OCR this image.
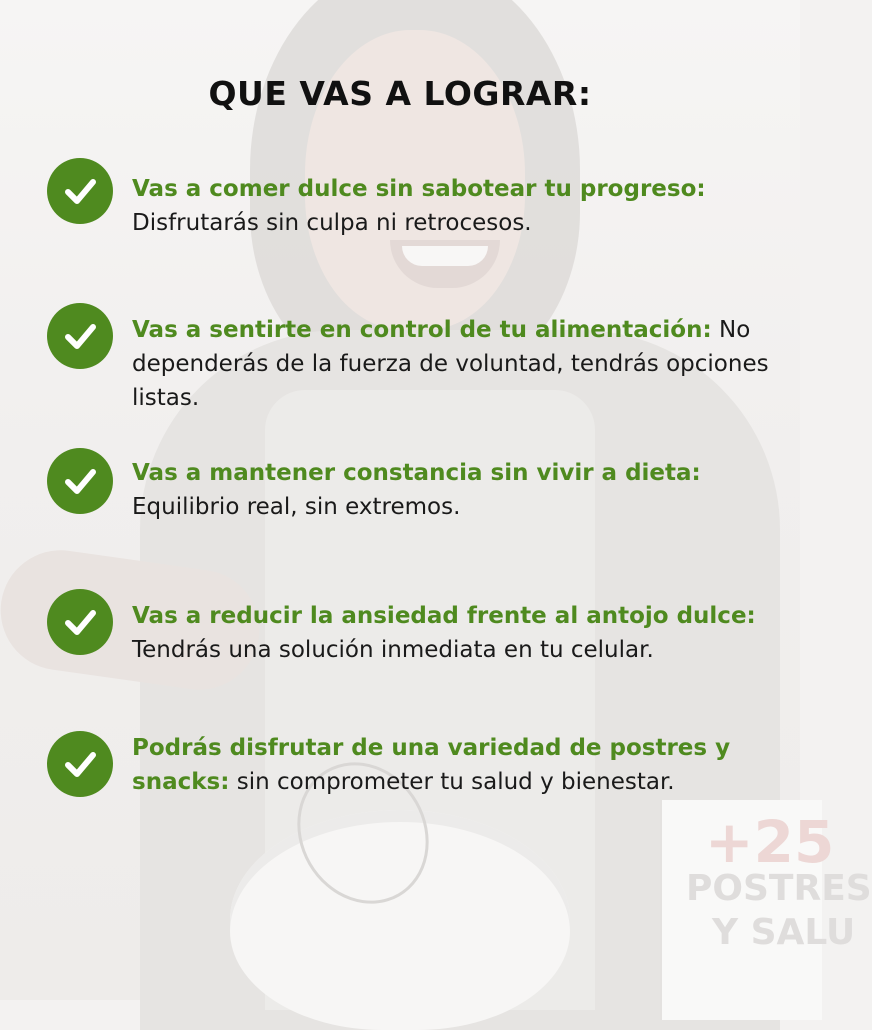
+25
POSTRES
Y SALU
QUE VAS A LOGRAR:
Vas a comer dulce sin sabotear tu progreso: Disfrutarás sin culpa ni retrocesos.
Vas a sentirte en control de tu alimentación: No dependerás de la fuerza de voluntad, tendrás opciones listas.
Vas a mantener constancia sin vivir a dieta: Equilibrio real, sin extremos.
Vas a reducir la ansiedad frente al antojo dulce: Tendrás una solución inmediata en tu celular.
Podrás disfrutar de una variedad de postres y snacks: sin comprometer tu salud y bienestar.
